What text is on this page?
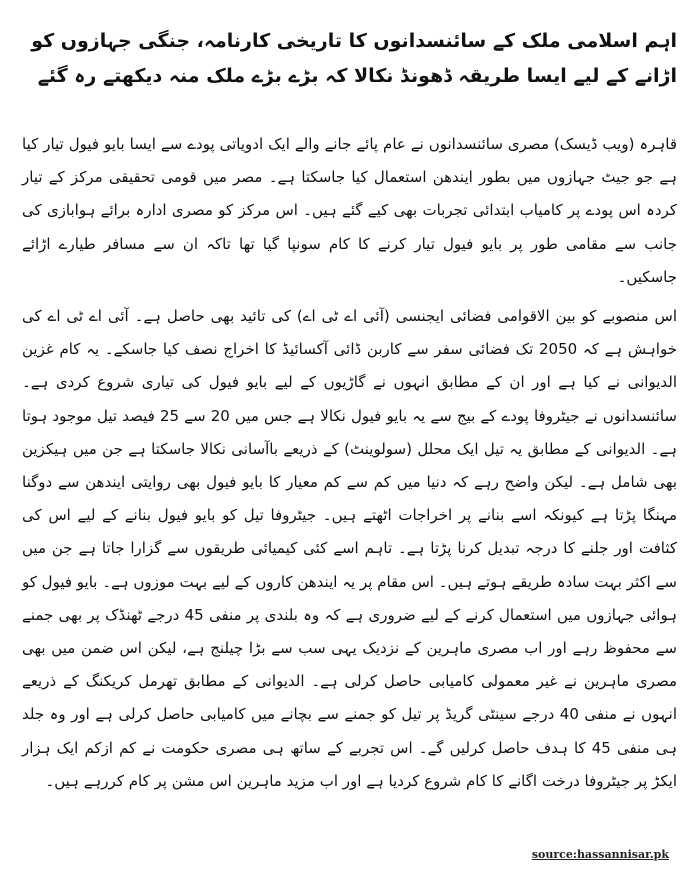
اہم اسلامی ملک کے سائنسدانوں کا تاریخی کارنامہ، جنگی جہازوں کو اڑانے کے لیے ایسا طریقہ ڈھونڈ نکالا کہ بڑے بڑے ملک منہ دیکھتے رہ گئے

قاہرہ (ویب ڈیسک) مصری سائنسدانوں نے عام پائے جانے والے ایک ادویاتی پودے سے ایسا بایو فیول تیار کیا ہے جو جیٹ جہازوں میں بطور ایندھن استعمال کیا جاسکتا ہے۔ مصر میں قومی تحقیقی مرکز کے تیار کردہ اس پودے پر کامیاب ابتدائی تجربات بھی کیے گئے ہیں۔ اس مرکز کو مصری ادارہ برائے ہوابازی کی جانب سے مقامی طور پر بایو فیول تیار کرنے کا کام سونپا گیا تھا تاکہ ان سے مسافر طیارے اڑائے جاسکیں۔

اس منصوبے کو بین الاقوامی فضائی ایجنسی (آئی اے ٹی اے) کی تائید بھی حاصل ہے۔ آئی اے ٹی اے کی خواہش ہے کہ 2050 تک فضائی سفر سے کاربن ڈائی آکسائیڈ کا اخراج نصف کیا جاسکے۔ یہ کام غزین الدیوانی نے کیا ہے اور ان کے مطابق انہوں نے گاڑیوں کے لیے بایو فیول کی تیاری شروع کردی ہے۔ سائنسدانوں نے جیٹروفا پودے کے بیج سے یہ بایو فیول نکالا ہے جس میں 20 سے 25 فیصد تیل موجود ہوتا ہے۔ الدیوانی کے مطابق یہ تیل ایک محلل (سولوینٹ) کے ذریعے باآسانی نکالا جاسکتا ہے جن میں ہیکزین بھی شامل ہے۔ لیکن واضح رہے کہ دنیا میں کم سے کم معیار کا بایو فیول بھی روایتی ایندھن سے دوگنا مہنگا پڑتا ہے کیونکہ اسے بنانے پر اخراجات اٹھتے ہیں۔ جیٹروفا تیل کو بایو فیول بنانے کے لیے اس کی کثافت اور جلنے کا درجہ تبدیل کرنا پڑتا ہے۔ تاہم اسے کئی کیمیائی طریقوں سے گزارا جاتا ہے جن میں سے اکثر بہت سادہ طریقے ہوتے ہیں۔ اس مقام پر یہ ایندھن کاروں کے لیے بہت موزوں ہے۔ بایو فیول کو ہوائی جہازوں میں استعمال کرنے کے لیے ضروری ہے کہ وہ بلندی پر منفی 45 درجے ٹھنڈک پر بھی جمنے سے محفوظ رہے اور اب مصری ماہرین کے نزدیک یہی سب سے بڑا چیلنج ہے، لیکن اس ضمن میں بھی مصری ماہرین نے غیر معمولی کامیابی حاصل کرلی ہے۔ الدیوانی کے مطابق تھرمل کریکنگ کے ذریعے انہوں نے منفی 40 درجے سینٹی گریڈ پر تیل کو جمنے سے بچانے میں کامیابی حاصل کرلی ہے اور وہ جلد ہی منفی 45 کا ہدف حاصل کرلیں گے۔ اس تجربے کے ساتھ ہی مصری حکومت نے کم ازکم ایک ہزار ایکڑ پر جیٹروفا درخت اگانے کا کام شروع کردیا ہے اور اب مزید ماہرین اس مشن پر کام کررہے ہیں۔

source:hassannisar.pk
